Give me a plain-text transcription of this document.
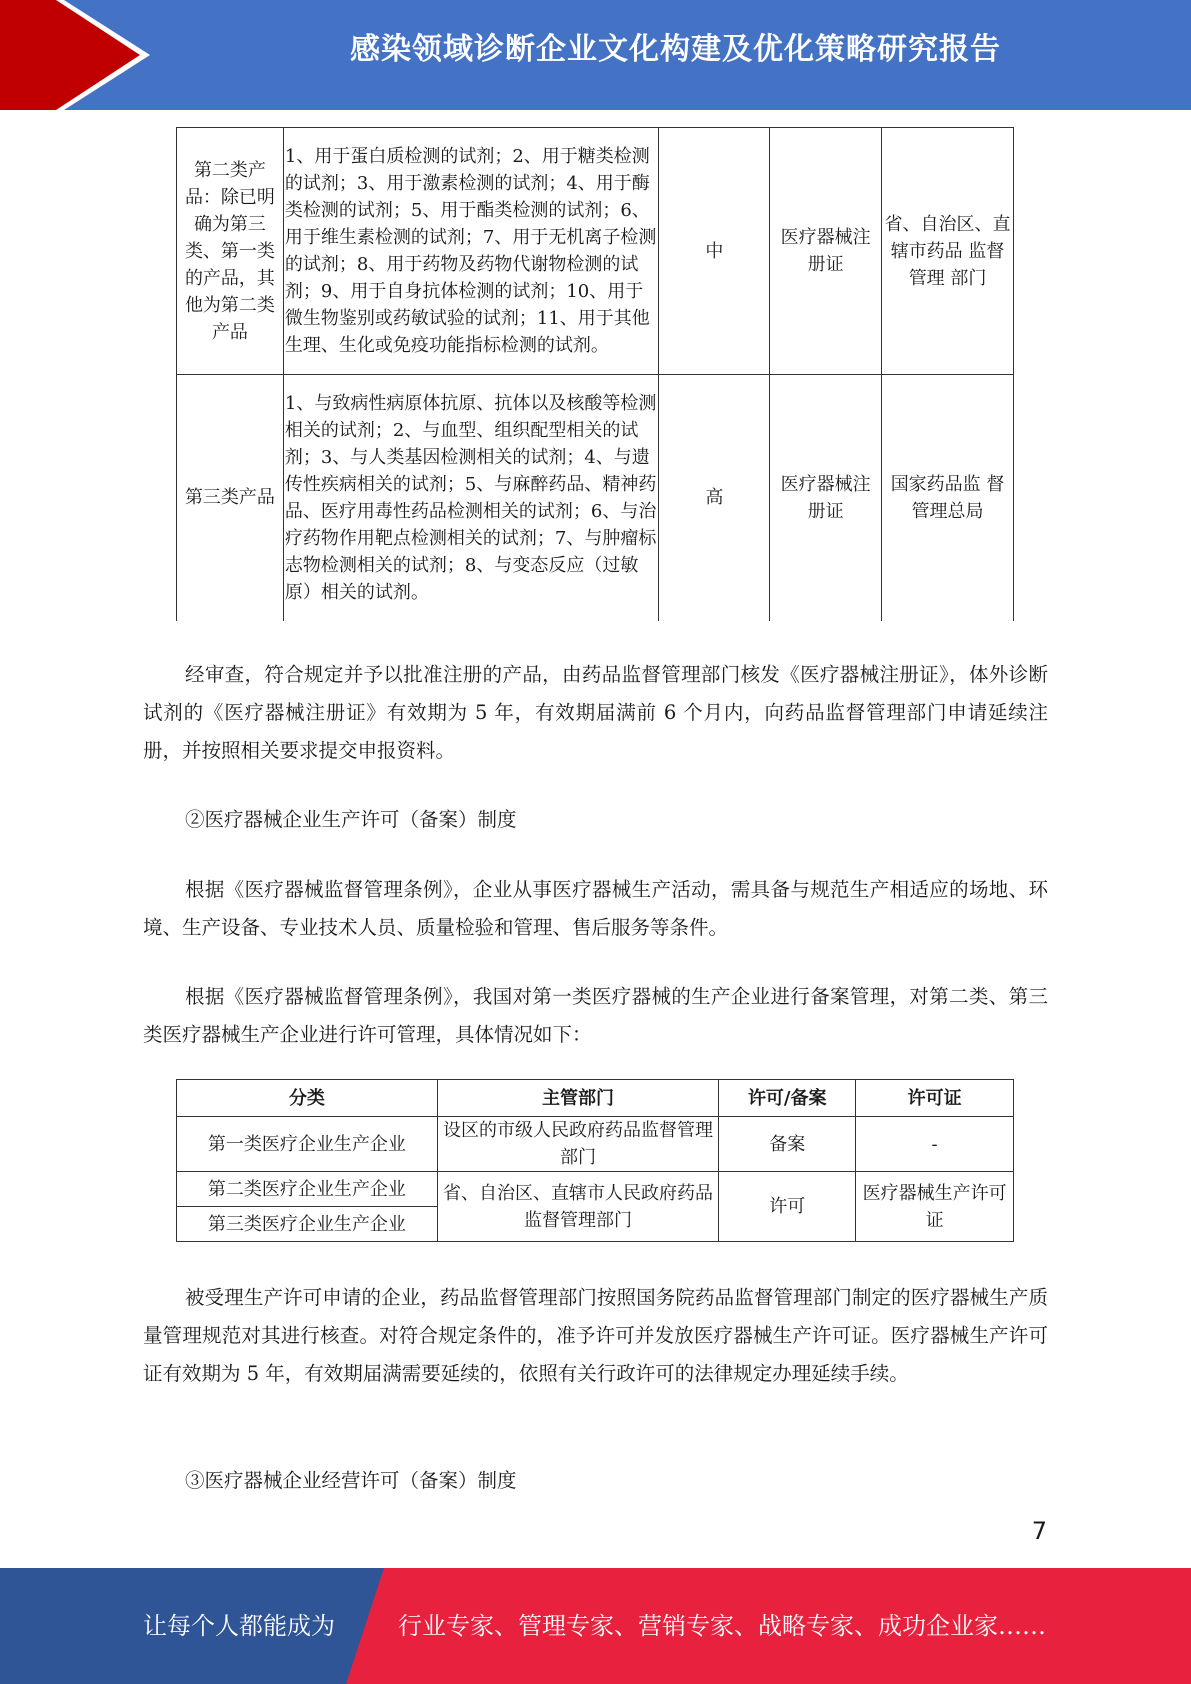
感染领域诊断企业文化构建及优化策略研究报告
第二类产品：除已明确为第三类、第一类的产品，其他为第二类产品	1、用于蛋白质检测的试剂；2、用于糖类检测的试剂；3、用于激素检测的试剂；4、用于酶类检测的试剂；5、用于酯类检测的试剂；6、用于维生素检测的试剂；7、用于无机离子检测的试剂；8、用于药物及药物代谢物检测的试剂；9、用于自身抗体检测的试剂；10、用于微生物鉴别或药敏试验的试剂；11、用于其他生理、生化或免疫功能指标检测的试剂。	中	医疗器械注册证	省、自治区、直辖市药品 监督管理 部门
第三类产品	1、与致病性病原体抗原、抗体以及核酸等检测相关的试剂；2、与血型、组织配型相关的试剂；3、与人类基因检测相关的试剂；4、与遗传性疾病相关的试剂；5、与麻醉药品、精神药品、医疗用毒性药品检测相关的试剂；6、与治疗药物作用靶点检测相关的试剂；7、与肿瘤标志物检测相关的试剂；8、与变态反应（过敏原）相关的试剂。	高	医疗器械注册证	国家药品监 督管理总局

经审查，符合规定并予以批准注册的产品，由药品监督管理部门核发《医疗器械注册证》，体外诊断试剂的《医疗器械注册证》有效期为 5 年，有效期届满前 6 个月内，向药品监督管理部门申请延续注册，并按照相关要求提交申报资料。

②医疗器械企业生产许可（备案）制度

根据《医疗器械监督管理条例》，企业从事医疗器械生产活动，需具备与规范生产相适应的场地、环境、生产设备、专业技术人员、质量检验和管理、售后服务等条件。

根据《医疗器械监督管理条例》，我国对第一类医疗器械的生产企业进行备案管理，对第二类、第三类医疗器械生产企业进行许可管理，具体情况如下：

分类	主管部门	许可/备案	许可证
第一类医疗企业生产企业	设区的市级人民政府药品监督管理部门	备案	-
第二类医疗企业生产企业	省、自治区、直辖市人民政府药品监督管理部门	许可	医疗器械生产许可证
第三类医疗企业生产企业			

被受理生产许可申请的企业，药品监督管理部门按照国务院药品监督管理部门制定的医疗器械生产质量管理规范对其进行核查。对符合规定条件的，准予许可并发放医疗器械生产许可证。医疗器械生产许可证有效期为 5 年，有效期届满需要延续的，依照有关行政许可的法律规定办理延续手续。

③医疗器械企业经营许可（备案）制度

7
让每个人都能成为	行业专家、管理专家、营销专家、战略专家、成功企业家……
